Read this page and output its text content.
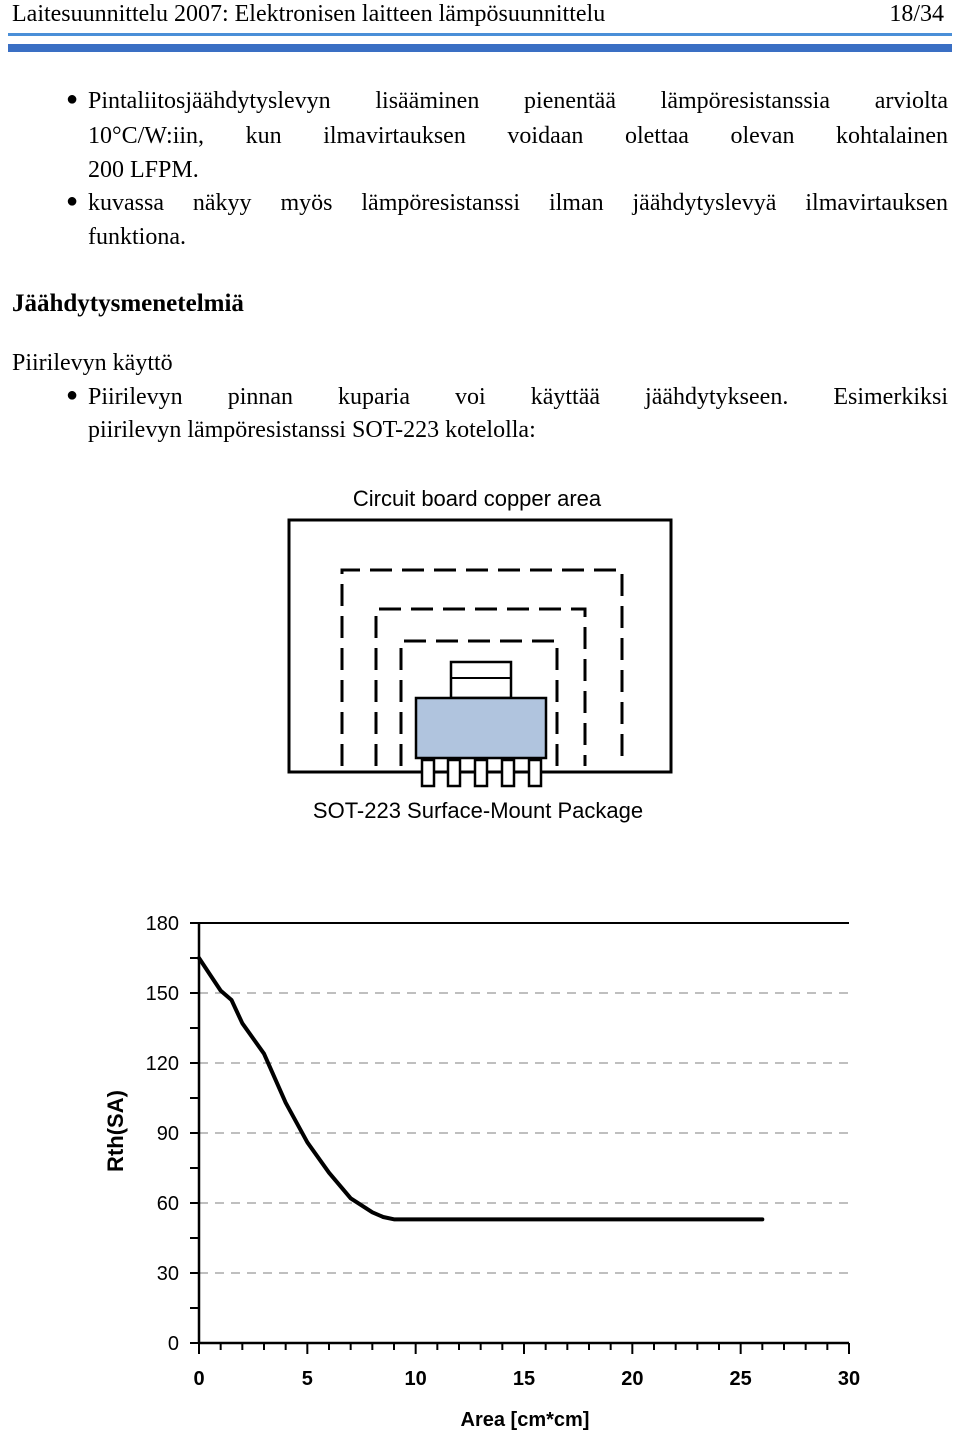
Laitesuunnittelu 2007: Elektronisen laitteen lämpösuunnittelu	18/34
● Pintaliitosjäähdytyslevyn lisääminen pienentää lämpöresistanssia arviolta
10°C/W:iin, kun ilmavirtauksen voidaan olettaa olevan kohtalainen
200 LFPM.
● kuvassa näkyy myös lämpöresistanssi ilman jäähdytyslevyä ilmavirtauksen
funktiona.
Jäähdytysmenetelmiä
Piirilevyn käyttö
● Piirilevyn pinnan kuparia voi käyttää jäähdytykseen. Esimerkiksi
piirilevyn lämpöresistanssi SOT-223 kotelolla:
Circuit board copper area
SOT-223 Surface-Mount Package
0
30
60
90
120
150
180
0	5	10	15	20	25	30
Rth(SA)
Area [cm*cm]
